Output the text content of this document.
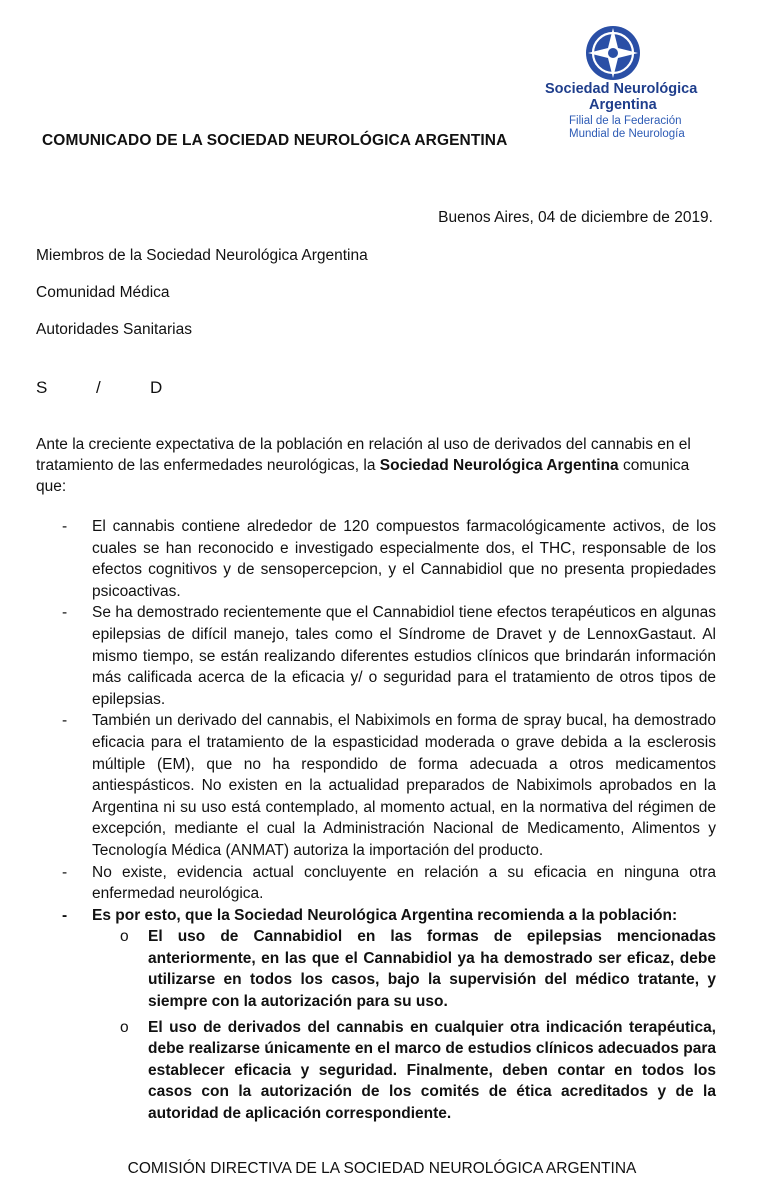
Sociedad Neurológica
Argentina
Filial de la Federación
Mundial de Neurología
COMUNICADO DE LA SOCIEDAD NEUROLÓGICA ARGENTINA
Buenos Aires, 04 de diciembre de 2019.
Miembros de la Sociedad Neurológica Argentina
Comunidad Médica
Autoridades Sanitarias
S	/	D
Ante la creciente expectativa de la población en relación al uso de derivados del cannabis en el tratamiento de las enfermedades neurológicas, la Sociedad Neurológica Argentina comunica que:
- El cannabis contiene alrededor de 120 compuestos farmacológicamente activos, de los cuales se han reconocido e investigado especialmente dos, el THC, responsable de los efectos cognitivos y de sensopercepcion, y el Cannabidiol que no presenta propiedades psicoactivas.
- Se ha demostrado recientemente que el Cannabidiol tiene efectos terapéuticos en algunas epilepsias de difícil manejo, tales como el Síndrome de Dravet y de LennoxGastaut. Al mismo tiempo, se están realizando diferentes estudios clínicos que brindarán información más calificada acerca de la eficacia y/ o seguridad para el tratamiento de otros tipos de epilepsias.
- También un derivado del cannabis, el Nabiximols en forma de spray bucal, ha demostrado eficacia para el tratamiento de la espasticidad moderada o grave debida a la esclerosis múltiple (EM), que no ha respondido de forma adecuada a otros medicamentos antiespásticos. No existen en la actualidad preparados de Nabiximols aprobados en la Argentina ni su uso está contemplado, al momento actual, en la normativa del régimen de excepción, mediante el cual la Administración Nacional de Medicamento, Alimentos y Tecnología Médica (ANMAT) autoriza la importación del producto.
- No existe, evidencia actual concluyente en relación a su eficacia en ninguna otra enfermedad neurológica.
- Es por esto, que la Sociedad Neurológica Argentina recomienda a la población:
o El uso de Cannabidiol en las formas de epilepsias mencionadas anteriormente, en las que el Cannabidiol ya ha demostrado ser eficaz, debe utilizarse en todos los casos, bajo la supervisión del médico tratante, y siempre con la autorización para su uso.
o El uso de derivados del cannabis en cualquier otra indicación terapéutica, debe realizarse únicamente en el marco de estudios clínicos adecuados para establecer eficacia y seguridad. Finalmente, deben contar en todos los casos con la autorización de los comités de ética acreditados y de la autoridad de aplicación correspondiente.
COMISIÓN DIRECTIVA DE LA SOCIEDAD NEUROLÓGICA ARGENTINA
